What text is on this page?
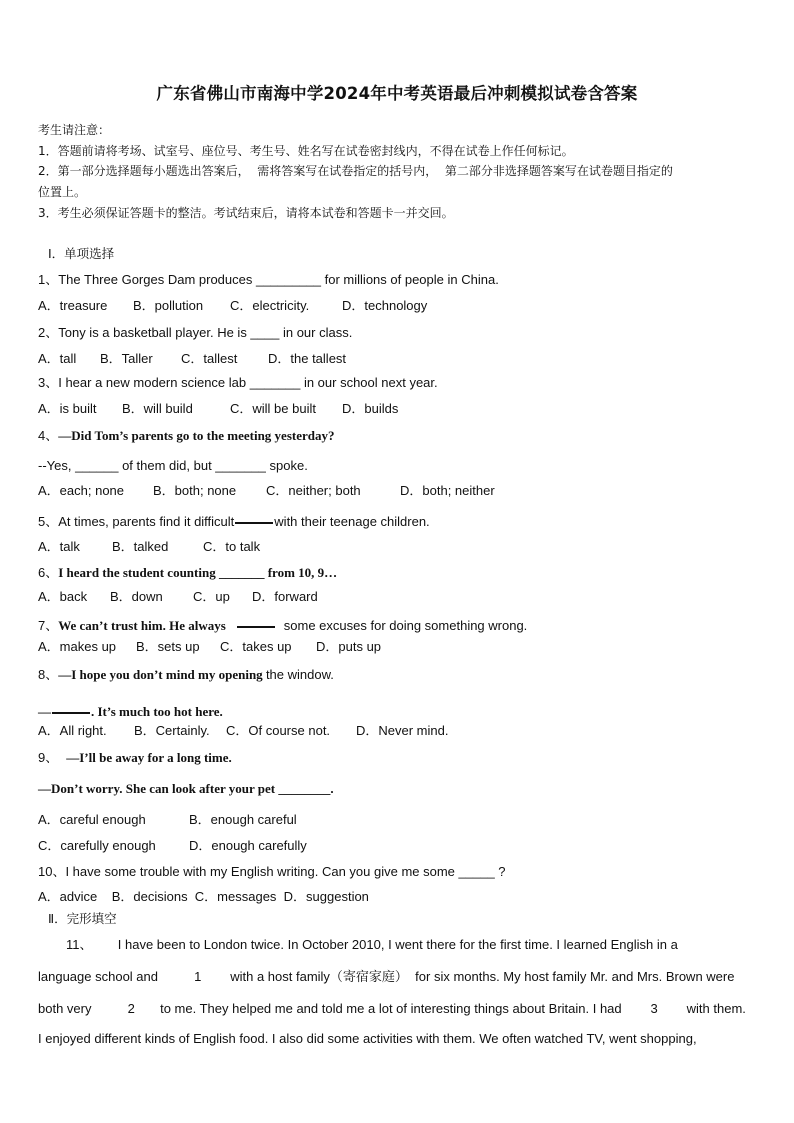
广东省佛山市南海中学2024年中考英语最后冲刺模拟试卷含答案
考生请注意：
1．答题前请将考场、试室号、座位号、考生号、姓名写在试卷密封线内，不得在试卷上作任何标记。
2．第一部分选择题每小题选出答案后，  需将答案写在试卷指定的括号内，  第二部分非选择题答案写在试卷题目指定的
位置上。
3．考生必须保证答题卡的整洁。考试结束后，请将本试卷和答题卡一并交回。
Ⅰ．单项选择
1、The Three Gorges Dam produces _________ for millions of people in China.
A．treasure B．pollution C．electricity.	D．technology
2、Tony is a basketball player. He is ____ in our class.
A．tall B．Taller C．tallest D．the tallest
3、I hear a new modern science lab _______ in our school next year.
A．is built B．will build	C．will be built D．builds
4、—Did Tom’s parents go to the meeting yesterday?
--Yes, ______ of them did, but _______ spoke.
A．each; none B．both; none C．neither; both	D．both; neither
5、At times, parents find it difficult	with their teenage children.
A．talk B．talked	C．to talk
6、I heard the student counting _______ from 10, 9…
A．back B．down C．up D．forward
7、We can’t trust him. He always	some excuses for doing something wrong.
A．makes up B．sets up C．takes up D．puts up
8、—I hope you don’t mind my opening the window.
—	. It’s much too hot here.
A．All right. B．Certainly. C．Of course not. D．Never mind.
9、 —I’ll be away for a long time.
—Don’t worry. She can look after your pet ________.
A．careful enough	B．enough careful
C．carefully enough	D．enough carefully
10、I have some trouble with my English writing. Can you give me some _____ ?
A．advice    B．decisions  C．messages  D．suggestion
Ⅱ．完形填空
11、       I have been to London twice. In October 2010, I went there for the first time. I learned English in a
language school and          1        with a host family（寄宿家庭）  for six months. My host family Mr. and Mrs. Brown were
both very          2       to me. They helped me and told me a lot of interesting things about Britain. I had        3        with them.
I enjoyed different kinds of English food. I also did some activities with them. We often watched TV, went shopping,
